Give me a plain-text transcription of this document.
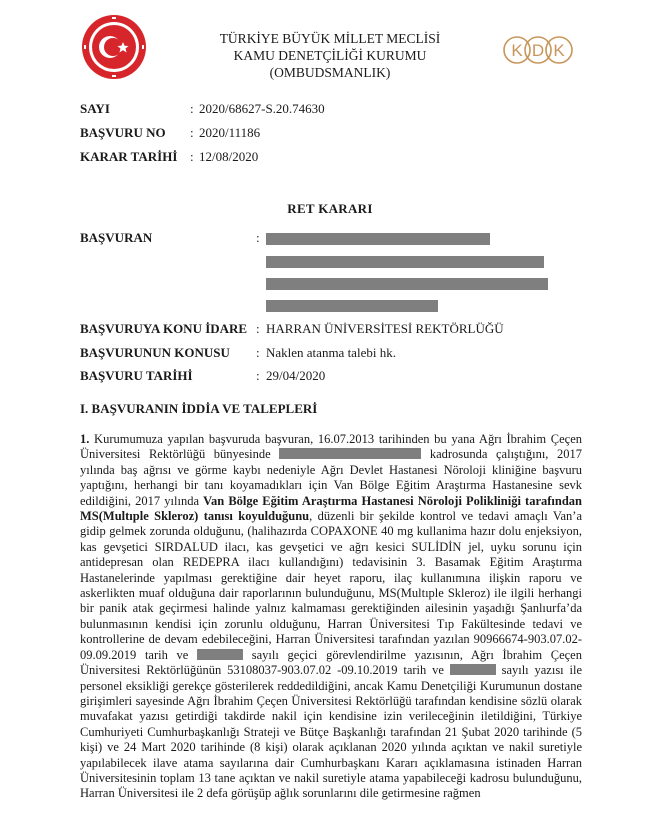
TÜRKİYE BÜYÜK MİLLET MECLİSİ
KAMU DENETÇİLİĞİ KURUMU
(OMBUDSMANLIK)
K D K
SAYI	: 2020/68627-S.20.74630
BAŞVURU NO : 2020/11186
KARAR TARİHİ : 12/08/2020
RET KARARI
BAŞVURAN	:
BAŞVURUYA KONU İDARE : HARRAN ÜNİVERSİTESİ REKTÖRLÜĞÜ
BAŞVURUNUN KONUSU : Naklen atanma talebi hk.
BAŞVURU TARİHİ	: 29/04/2020
I. BAŞVURANIN İDDİA VE TALEPLERİ
1. Kurumumuza yapılan başvuruda başvuran, 16.07.2013 tarihinden bu yana Ağrı İbrahim Çeçen Üniversitesi Rektörlüğü bünyesinde	kadrosunda çalıştığını, 2017 yılında baş ağrısı ve görme kaybı nedeniyle Ağrı Devlet Hastanesi Nöroloji kliniğine başvuru yaptığını, herhangi bir tanı koyamadıkları için Van Bölge Eğitim Araştırma Hastanesine sevk edildiğini, 2017 yılında Van Bölge Eğitim Araştırma Hastanesi Nöroloji Polikliniği tarafından MS(Multıple Skleroz) tanısı koyulduğunu, düzenli bir şekilde kontrol ve tedavi amaçlı Van’a gidip gelmek zorunda olduğunu, (halihazırda COPAXONE 40 mg kullanima hazır dolu enjeksiyon, kas gevşetici SIRDALUD ilacı, kas gevşetici ve ağrı kesici SULİDİN jel, uyku sorunu için antidepresan olan REDEPRA ilacı kullandığını) tedavisinin 3. Basamak Eğitim Araştırma Hastanelerinde yapılması gerektiğine dair heyet raporu, ilaç kullanımına ilişkin raporu ve askerlikten muaf olduğuna dair raporlarının bulunduğunu, MS(Multıple Skleroz) ile ilgili herhangi bir panik atak geçirmesi halinde yalnız kalmaması gerektiğinden ailesinin yaşadığı Şanlıurfa’da bulunmasının kendisi için zorunlu olduğunu, Harran Üniversitesi Tıp Fakültesinde tedavi ve kontrollerine de devam edebileceğini, Harran Üniversitesi tarafından yazılan 90966674-903.07.02-09.09.2019 tarih ve	sayılı geçici görevlendirilme yazısının, Ağrı İbrahim Çeçen Üniversitesi Rektörlüğünün 53108037-903.07.02 -09.10.2019 tarih ve	sayılı yazısı ile personel eksikliği gerekçe gösterilerek reddedildiğini, ancak Kamu Denetçiliği Kurumunun dostane girişimleri sayesinde Ağrı İbrahim Çeçen Üniversitesi Rektörlüğü tarafından kendisine sözlü olarak muvafakat yazısı getirdiği takdirde nakil için kendisine izin verileceğinin iletildiğini, Türkiye Cumhuriyeti Cumhurbaşkanlığı Strateji ve Bütçe Başkanlığı tarafından 21 Şubat 2020 tarihinde (5 kişi) ve 24 Mart 2020 tarihinde (8 kişi) olarak açıklanan 2020 yılında açıktan ve nakil suretiyle yapılabilecek ilave atama sayılarına dair Cumhurbaşkanı Kararı açıklamasına istinaden Harran Üniversitesinin toplam 13 tane açıktan ve nakil suretiyle atama yapabileceği kadrosu bulunduğunu, Harran Üniversitesi ile 2 defa görüşüp ağlık sorunlarını dile getirmesine rağmen
